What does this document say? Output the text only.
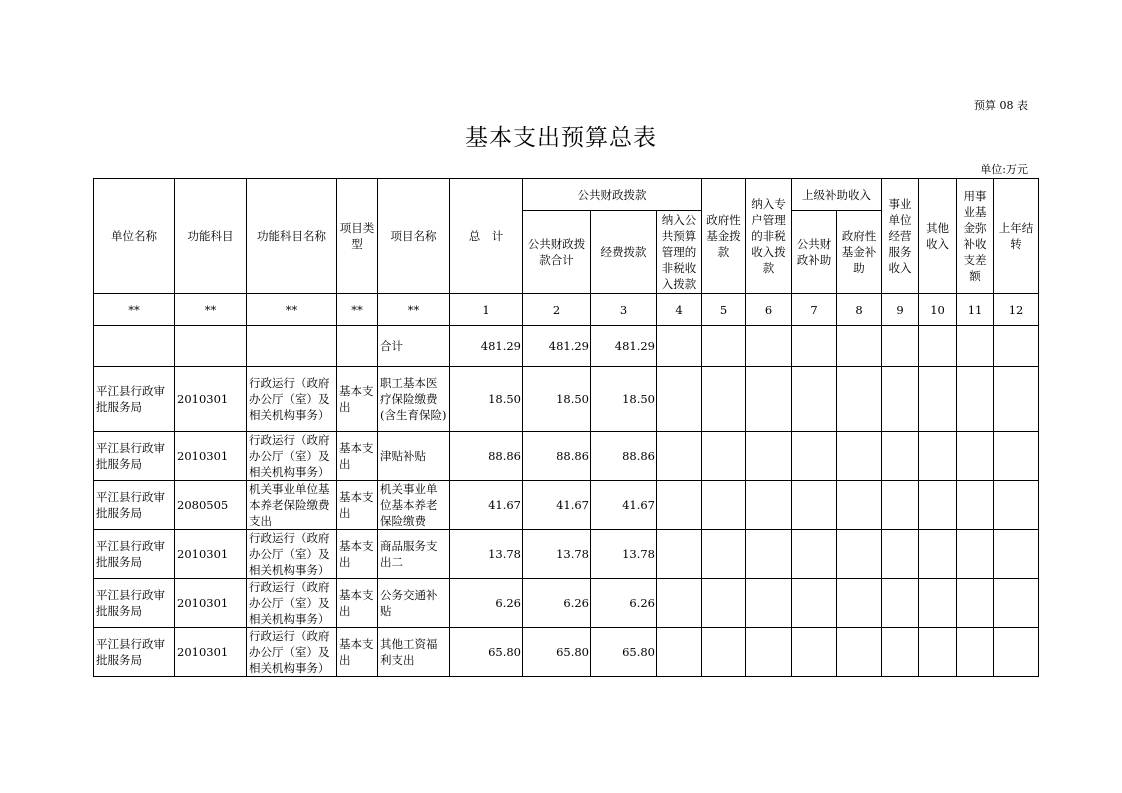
预算 08 表
基本支出预算总表
单位:万元
单位名称	功能科目	功能科目名称	项目类型	项目名称	总　计	公共财政拨款			政府性基金拨款	纳入专户管理的非税收入拨款	上级补助收入		事业单位经营服务收入	其他收入	用事业基金弥补收支差额	上年结转
						公共财政拨款合计	经费拨款	纳入公共预算管理的非税收入拨款			公共财政补助	政府性基金补助				
**	**	**	**	**	1	2	3	4	5	6	7	8	9	10	11	12
				合计	481.29	481.29	481.29									
平江县行政审批服务局	2010301	行政运行（政府办公厅（室）及相关机构事务）	基本支出	职工基本医疗保险缴费(含生育保险)	18.50	18.50	18.50									
平江县行政审批服务局	2010301	行政运行（政府办公厅（室）及相关机构事务）	基本支出	津贴补贴	88.86	88.86	88.86									
平江县行政审批服务局	2080505	机关事业单位基本养老保险缴费支出	基本支出	机关事业单位基本养老保险缴费	41.67	41.67	41.67									
平江县行政审批服务局	2010301	行政运行（政府办公厅（室）及相关机构事务）	基本支出	商品服务支出二	13.78	13.78	13.78									
平江县行政审批服务局	2010301	行政运行（政府办公厅（室）及相关机构事务）	基本支出	公务交通补贴	6.26	6.26	6.26									
平江县行政审批服务局	2010301	行政运行（政府办公厅（室）及相关机构事务）	基本支出	其他工资福利支出	65.80	65.80	65.80									
